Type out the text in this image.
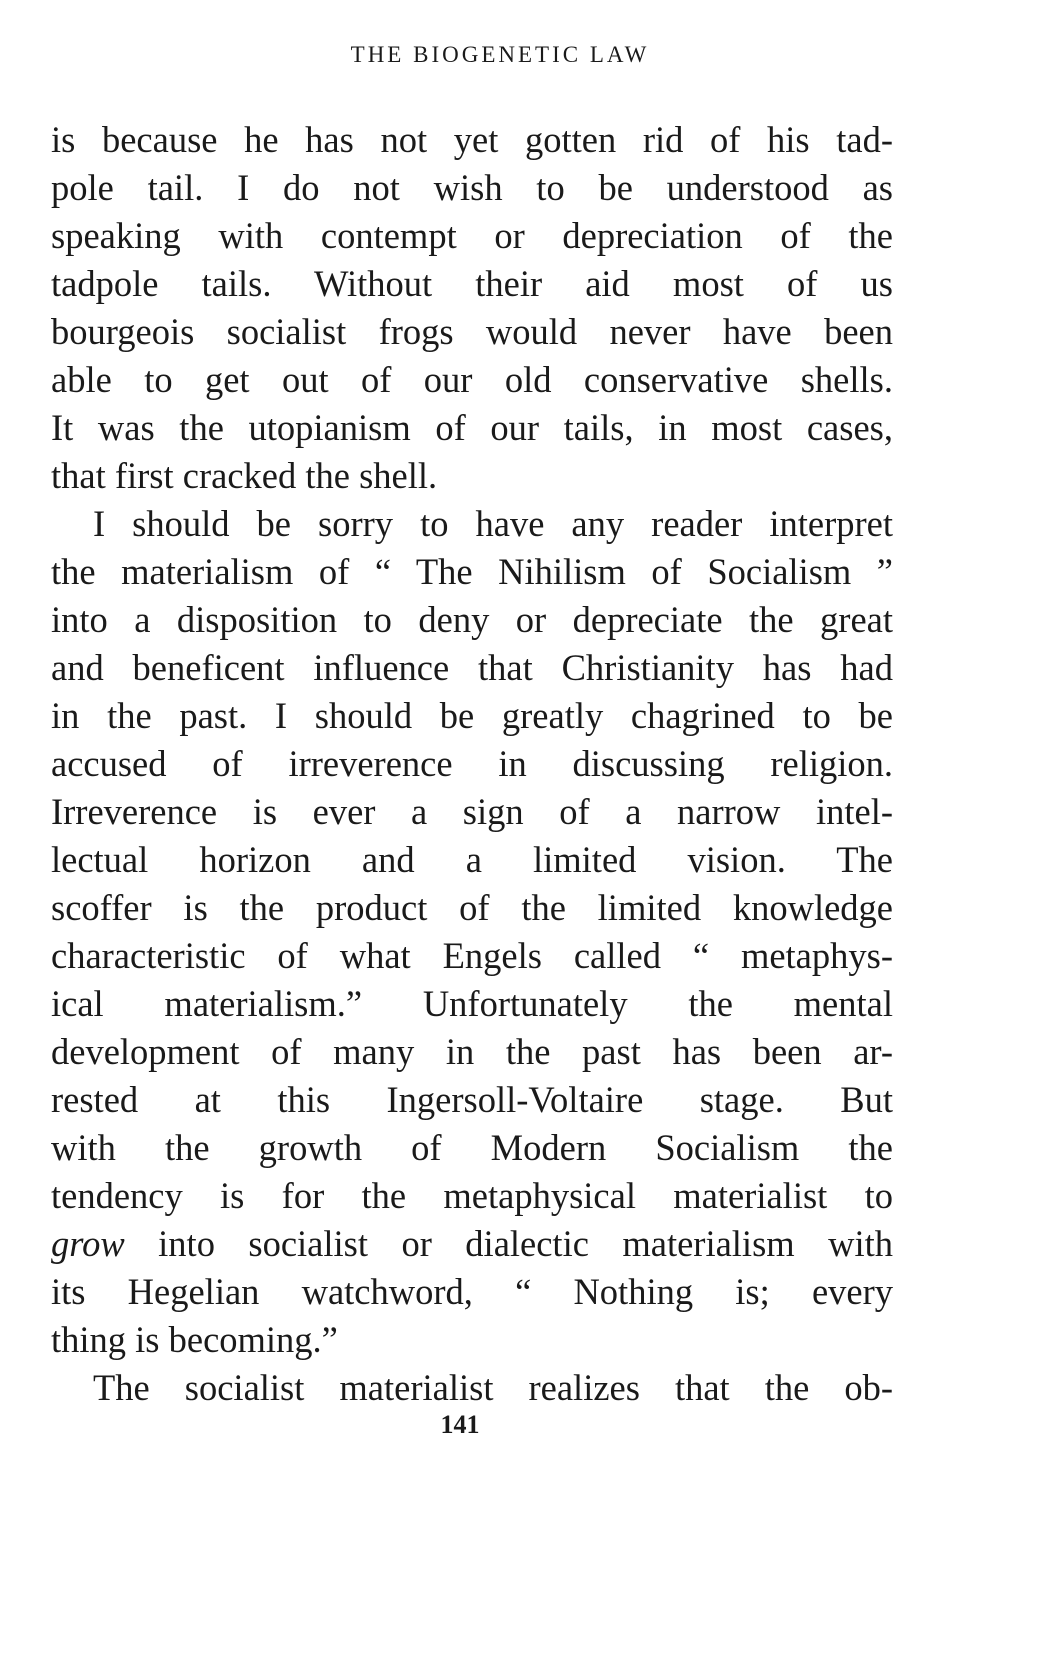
THE BIOGENETIC LAW
is because he has not yet gotten rid of his tad-
pole tail. I do not wish to be understood as
speaking with contempt or depreciation of the
tadpole tails. Without their aid most of us
bourgeois socialist frogs would never have been
able to get out of our old conservative shells.
It was the utopianism of our tails, in most cases,
that first cracked the shell.
I should be sorry to have any reader interpret
the materialism of “ The Nihilism of Socialism ”
into a disposition to deny or depreciate the great
and beneficent influence that Christianity has had
in the past. I should be greatly chagrined to be
accused of irreverence in discussing religion.
Irreverence is ever a sign of a narrow intel-
lectual horizon and a limited vision. The
scoffer is the product of the limited knowledge
characteristic of what Engels called “ metaphys-
ical materialism.” Unfortunately the mental
development of many in the past has been ar-
rested at this Ingersoll-Voltaire stage. But
with the growth of Modern Socialism the
tendency is for the metaphysical materialist to
grow into socialist or dialectic materialism with
its Hegelian watchword, “ Nothing is; every
thing is becoming.”
The socialist materialist realizes that the ob-
141
